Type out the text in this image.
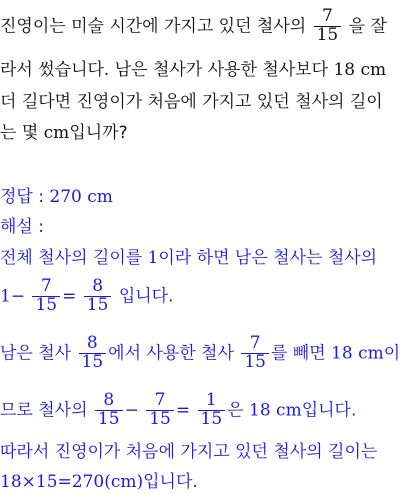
진영이는 미술 시간에 가지고 있던 철사의 $\frac{7}{15}$ 을 잘
라서 썼습니다. 남은 철사가 사용한 철사보다 18 cm
더 길다면 진영이가 처음에 가지고 있던 철사의 길이
는 몇 cm입니까?
정답 : 270 cm
해설 :
전체 철사의 길이를 1이라 하면 남은 철사는 철사의
$1- \frac{7}{15} = \frac{8}{15}$ 입니다.
남은 철사 $\frac{8}{15}$ 에서 사용한 철사 $\frac{7}{15}$ 를 빼면 18 cm이
므로 철사의 $\frac{8}{15} - \frac{7}{15} = \frac{1}{15}$ 은 18 cm입니다.
따라서 진영이가 처음에 가지고 있던 철사의 길이는
18×15=270(cm)입니다.
